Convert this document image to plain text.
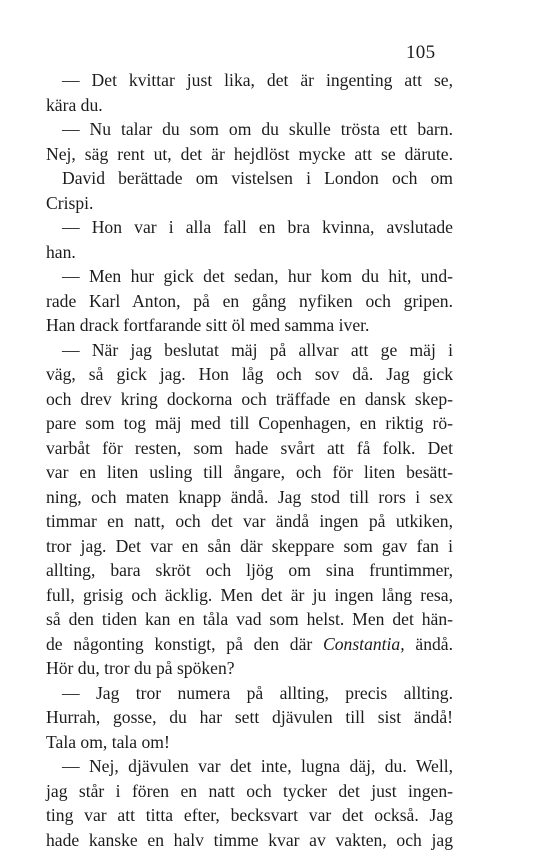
105
— Det kvittar just lika, det är ingenting att se,
kära du.
— Nu talar du som om du skulle trösta ett barn.
Nej, säg rent ut, det är hejdlöst mycke att se därute.
David berättade om vistelsen i London och om
Crispi.
— Hon var i alla fall en bra kvinna, avslutade
han.
— Men hur gick det sedan, hur kom du hit, und-
rade Karl Anton, på en gång nyfiken och gripen.
Han drack fortfarande sitt öl med samma iver.
— När jag beslutat mäj på allvar att ge mäj i
väg, så gick jag. Hon låg och sov då. Jag gick
och drev kring dockorna och träffade en dansk skep-
pare som tog mäj med till Copenhagen, en riktig rö-
varbåt för resten, som hade svårt att få folk. Det
var en liten usling till ångare, och för liten besätt-
ning, och maten knapp ändå. Jag stod till rors i sex
timmar en natt, och det var ändå ingen på utkiken,
tror jag. Det var en sån där skeppare som gav fan i
allting, bara skröt och ljög om sina fruntimmer,
full, grisig och äcklig. Men det är ju ingen lång resa,
så den tiden kan en tåla vad som helst. Men det hän-
de någonting konstigt, på den där Constantia, ändå.
Hör du, tror du på spöken?
— Jag tror numera på allting, precis allting.
Hurrah, gosse, du har sett djävulen till sist ändå!
Tala om, tala om!
— Nej, djävulen var det inte, lugna däj, du. Well,
jag står i fören en natt och tycker det just ingen-
ting var att titta efter, becksvart var det också. Jag
hade kanske en halv timme kvar av vakten, och jag
